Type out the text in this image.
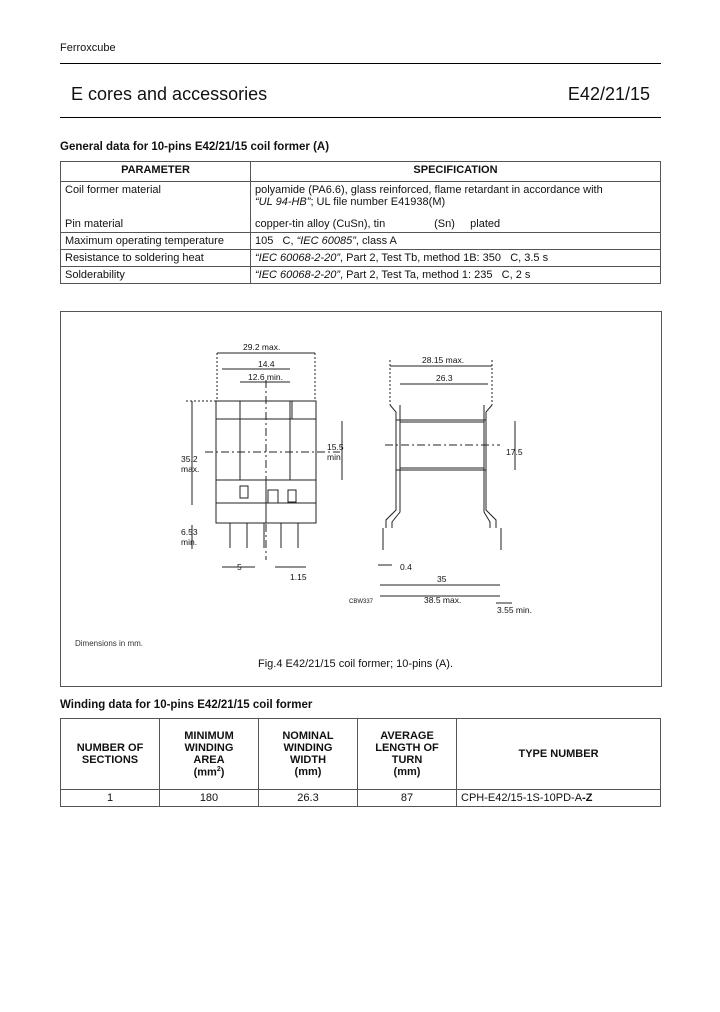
Ferroxcube
E cores and accessories	E42/21/15
General data for 10-pins E42/21/15 coil former (A)
PARAMETER	SPECIFICATION
Coil former material	polyamide (PA6.6), glass reinforced, flame retardant in accordance with
“UL 94-HB”; UL file number E41938(M)
Pin material	copper-tin alloy (CuSn), tin                (Sn)     plated
Maximum operating temperature	105   C, “IEC 60085”, class A
Resistance to soldering heat	“IEC 60068-2-20”, Part 2, Test Tb, method 1B: 350   C, 3.5 s
Solderability	“IEC 60068-2-20”, Part 2, Test Ta, method 1: 235   C, 2 s
29.2 max.
14.4
12.6 min.
35.2
max.
15.5
min.
6.53
min.
5
1.15
28.15 max.
26.3
17.5
0.4
35
38.5 max.
3.55 min.
CBW337
Dimensions in mm.
Fig.4 E42/21/15 coil former; 10-pins (A).
Winding data for 10-pins E42/21/15 coil former
NUMBER OF
SECTIONS	MINIMUM
WINDING
AREA
$(mm^2)$	NOMINAL
WINDING
WIDTH
(mm)	AVERAGE
LENGTH OF
TURN
(mm)	TYPE NUMBER
1	180	26.3	87	CPH-E42/15-1S-10PD-A-Z
